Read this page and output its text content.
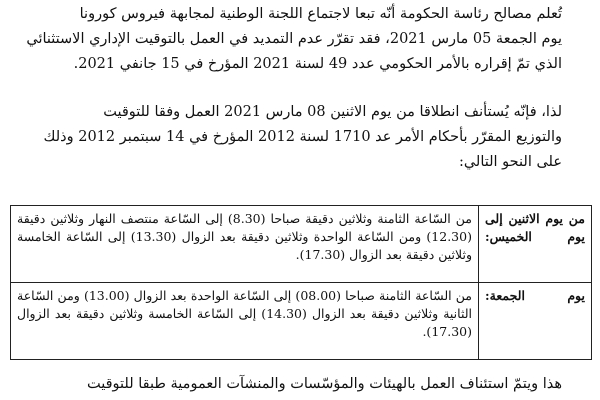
تُعلم مصالح رئاسة الحكومة أنّه تبعا لاجتماع اللجنة الوطنية لمجابهة فيروس كورونا
يوم الجمعة 05 مارس 2021، فقد تقرّر عدم التمديد في العمل بالتوقيت الإداري الاستثنائي
الذي تمّ إقراره بالأمر الحكومي عدد 49 لسنة 2021 المؤرخ في 15 جانفي 2021.
لذا، فإنّه يُستأنف انطلاقا من يوم الاثنين 08 مارس 2021 العمل وفقا للتوقيت
والتوزيع المقرّر بأحكام الأمر عد 1710 لسنة 2012 المؤرخ في 14 سبتمبر 2012 وذلك
على النحو التالي:
من يوم الاثنين إلى يوم الخميس:	من السّاعة الثامنة وثلاثين دقيقة صباحا (8.30) إلى السّاعة منتصف النهار وثلاثين دقيقة (12.30) ومن السّاعة الواحدة وثلاثين دقيقة بعد الزوال (13.30) إلى السّاعة الخامسة وثلاثين دقيقة بعد الزوال (17.30).
يوم الجمعة:	من السّاعة الثامنة صباحا (08.00) إلى السّاعة الواحدة بعد الزوال (13.00) ومن السّاعة الثانية وثلاثين دقيقة بعد الزوال (14.30) إلى السّاعة الخامسة وثلاثين دقيقة بعد الزوال (17.30).
هذا ويتمّ استئناف العمل بالهيئات والمؤسّسات والمنشآت العمومية طبقا للتوقيت
